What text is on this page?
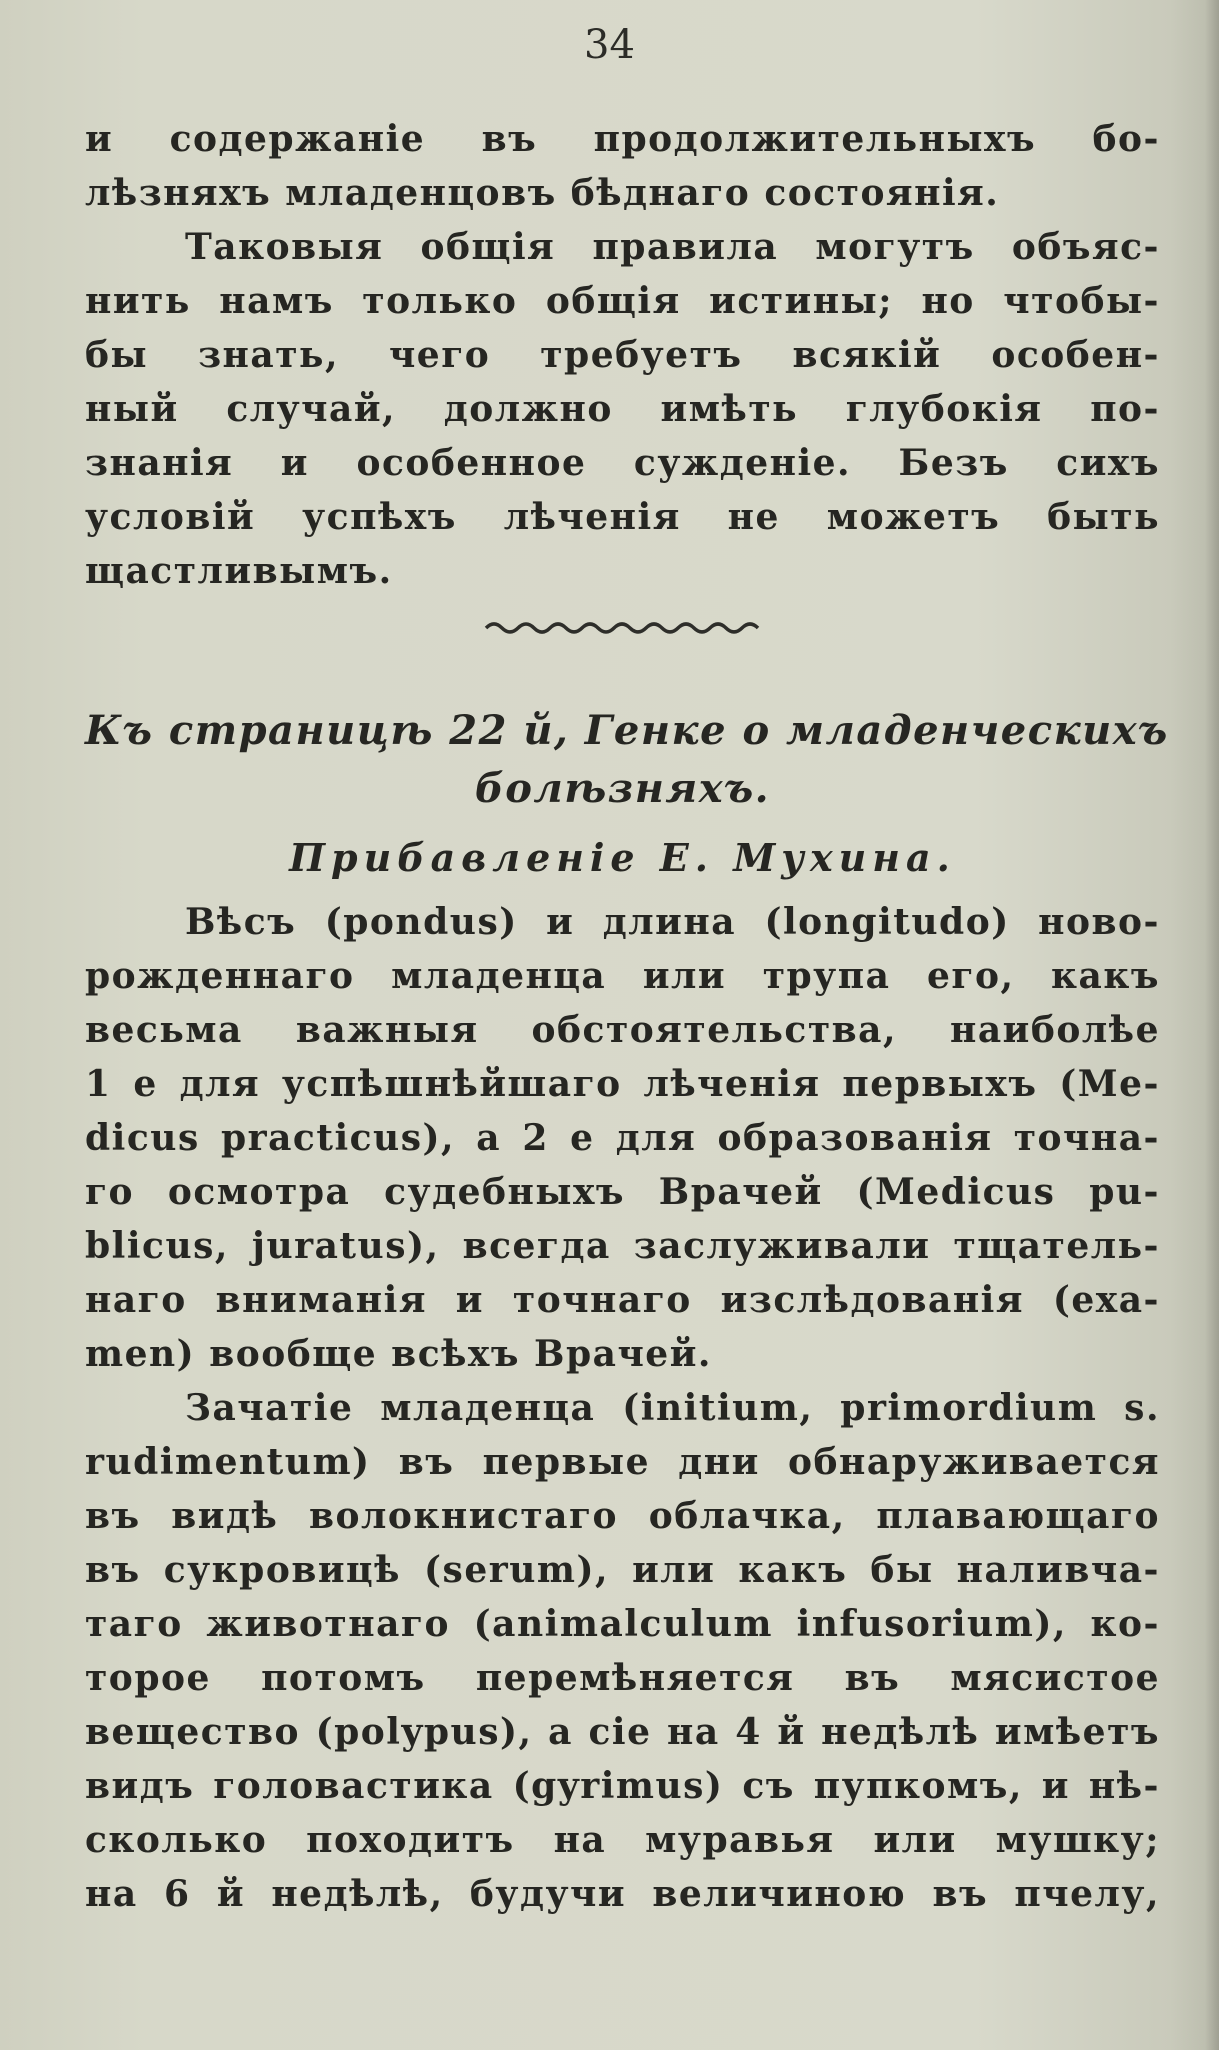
34
и содержаніе въ продолжительныхъ бо-
лѣзняхъ младенцовъ бѣднаго состоянія.
Таковыя общія правила могутъ объяс-
нить намъ только общія истины; но чтобы-
бы знать, чего требуетъ всякій особен-
ный случай, должно имѣть глубокія по-
знанія и особенное сужденіе. Безъ сихъ
условій успѣхъ лѣченія не можетъ быть
щастливымъ.
Къ страницѣ 22 й, Генке о младенческихъ
болѣзняхъ.
Прибавленіе Е. Мухина.
Вѣсъ (pondus) и длина (longitudo) ново-
рожденнаго младенца или трупа его, какъ
весьма важныя обстоятельства, наиболѣе
1 е для успѣшнѣйшаго лѣченія первыхъ (Me-
dicus practicus), а 2 е для образованія точна-
го осмотра судебныхъ Врачей (Medicus pu-
blicus, juratus), всегда заслуживали тщатель-
наго вниманія и точнаго изслѣдованія (exa-
men) вообще всѣхъ Врачей.
Зачатіе младенца (initium, primordium s.
rudimentum) въ первые дни обнаруживается
въ видѣ волокнистаго облачка, плавающаго
въ сукровицѣ (serum), или какъ бы наливча-
таго животнаго (animalculum infusorium), ко-
торое потомъ перемѣняется въ мясистое
вещество (polypus), а сіе на 4 й недѣлѣ имѣетъ
видъ головастика (gyrimus) съ пупкомъ, и нѣ-
сколько походитъ на муравья или мушку;
на 6 й недѣлѣ, будучи величиною въ пчелу,
